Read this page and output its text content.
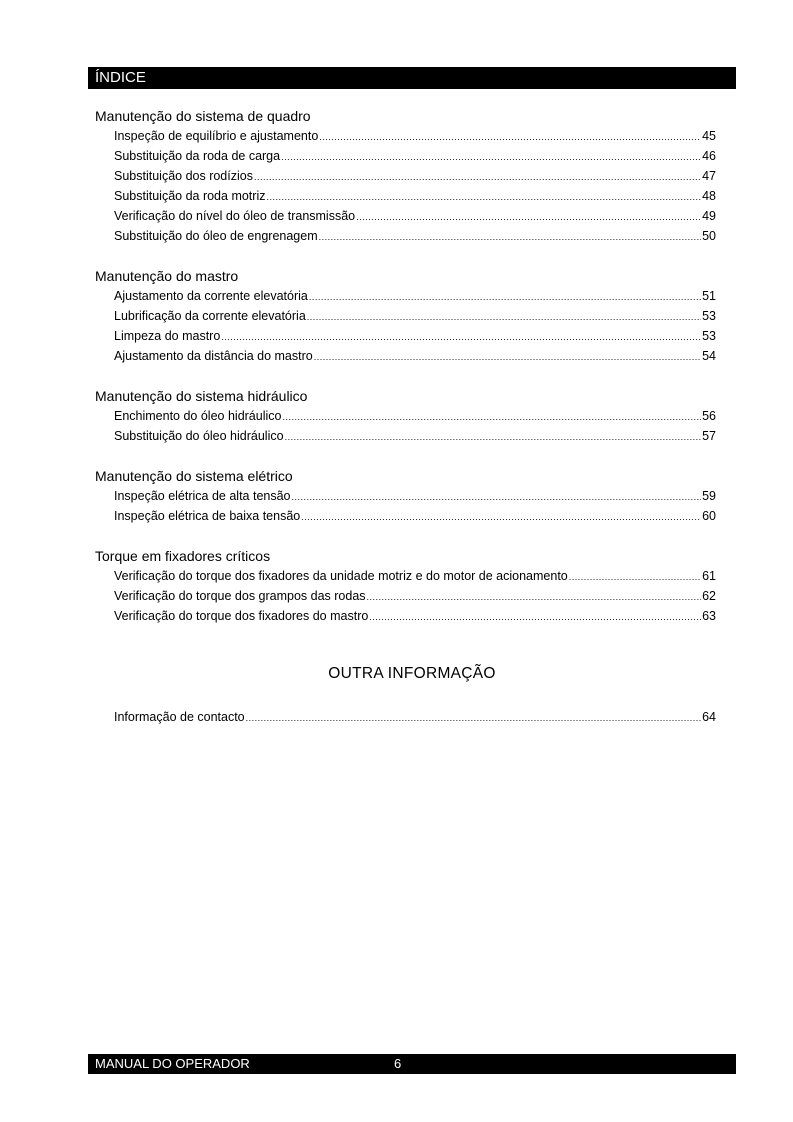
ÍNDICE
Manutenção do sistema de quadro
Inspeção de equilíbrio e ajustamento .....	45
Substituição da roda de carga .....	46
Substituição dos rodízios .....	47
Substituição da roda motriz .....	48
Verificação do nível do óleo de transmissão .....	49
Substituição do óleo de engrenagem .....	50
Manutenção do mastro
Ajustamento da corrente elevatória .....	51
Lubrificação da corrente elevatória .....	53
Limpeza do mastro .....	53
Ajustamento da distância do mastro .....	54
Manutenção do sistema hidráulico
Enchimento do óleo hidráulico .....	56
Substituição do óleo hidráulico .....	57
Manutenção do sistema elétrico
Inspeção elétrica de alta tensão .....	59
Inspeção elétrica de baixa tensão .....	60
Torque em fixadores críticos
Verificação do torque dos fixadores da unidade motriz e do motor de acionamento .....	61
Verificação do torque dos grampos das rodas .....	62
Verificação do torque dos fixadores do mastro .....	63
OUTRA INFORMAÇÃO
Informação de contacto .....	64
MANUAL DO OPERADOR	6
